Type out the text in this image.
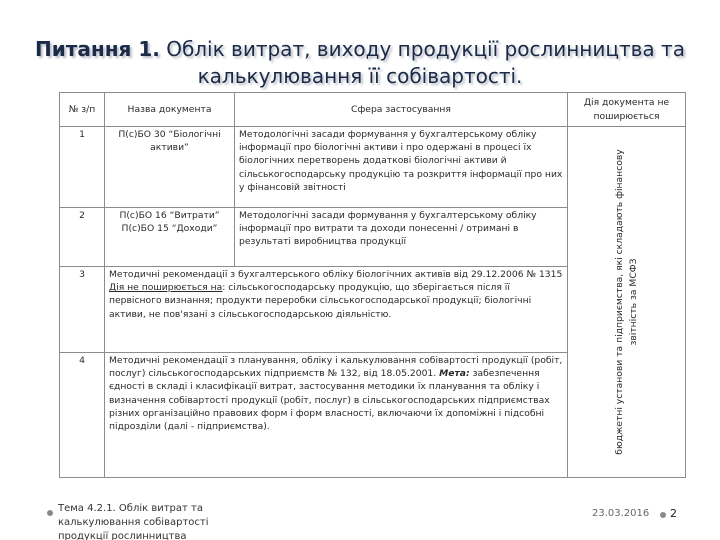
Питання 1. Облік витрат, виходу продукції рослинництва та калькулювання її собівартості.
№ з/п	Назва документа	Сфера застосування	Дія документа не поширюється
1	П(с)БО 30 “Біологічні активи”	Методологічні засади формування у бухгалтерському обліку інформації про біологічні активи і про одержані в процесі їх біологічних перетворень додаткові біологічні активи й сільськогосподарську продукцію та розкриття інформації про них у фінансовій звітності	бюджетні установи та підприємства, які складають фінансову звітність за МСФЗ

2	П(с)БО 16 “Витрати” П(с)БО 15 “Доходи”	Методологічні засади формування у бухгалтерському обліку інформації про витрати та доходи понесенні / отримані в результаті виробництва продукції	
3	Методичні рекомендації з бухгалтерського обліку біологічних активів від 29.12.2006 № 1315
Дія не поширюється на: сільськогосподарську продукцію, що зберігається після її первісного визнання; продукти переробки сільськогосподарської продукції; біологічні активи, не пов'язані з сільськогосподарською діяльністю.		
4	Методичні рекомендації з планування, обліку і калькулювання собівартості продукції (робіт, послуг) сільськогосподарських підприємств № 132, від 18.05.2001. Мета: забезпечення єдності в складі і класифікації витрат, застосування методики їх планування та обліку і визначення собівартості продукції (робіт, послуг) в сільськогосподарських підприємствах різних організаційно правових форм і форм власності, включаючи їх допоміжні і підсобні підрозділи (далі - підприємства).		
Тема 4.2.1. Облік витрат та калькулювання собівартості продукції рослинництва
23.03.2016 2
